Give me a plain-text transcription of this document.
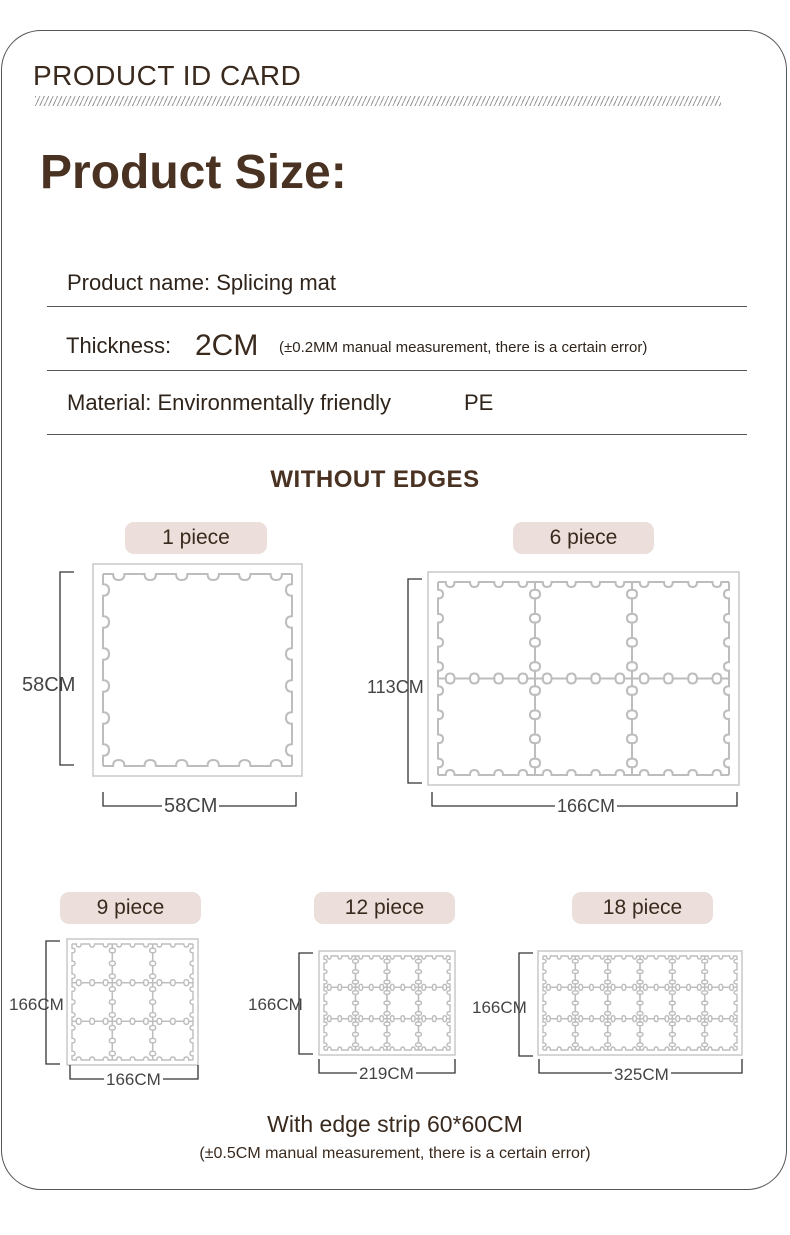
PRODUCT ID CARD
Product Size:
Product name: Splicing mat
Thickness: 2CM (±0.2MM manual measurement, there is a certain error)
Material: Environmentally friendly	PE
WITHOUT EDGES
1 piece	6 piece
9 piece	12 piece	18 piece
58CM
58CM
113CM
166CM
166CM
166CM
166CM
219CM
166CM
325CM
With edge strip 60*60CM
(±0.5CM manual measurement, there is a certain error)
